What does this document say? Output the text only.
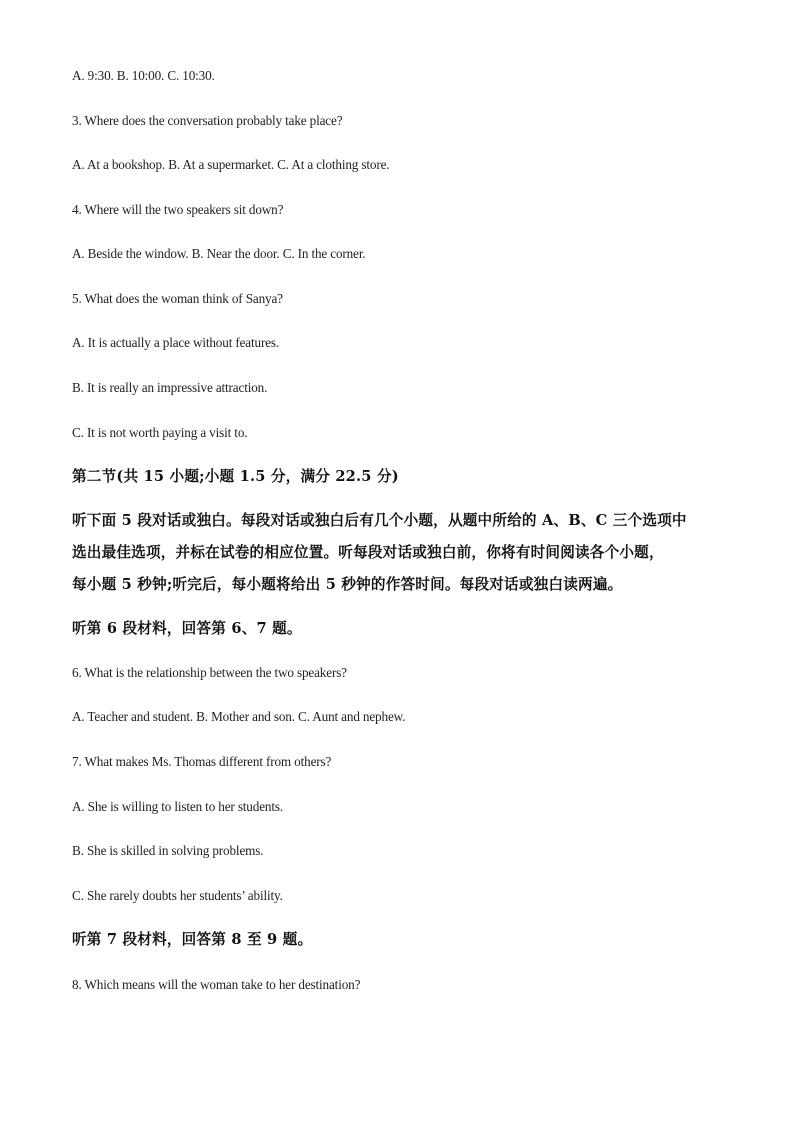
A. 9:30. B. 10:00. C. 10:30.
3. Where does the conversation probably take place?
A. At a bookshop. B. At a supermarket. C. At a clothing store.
4. Where will the two speakers sit down?
A. Beside the window. B. Near the door. C. In the corner.
5. What does the woman think of Sanya?
A. It is actually a place without features.
B. It is really an impressive attraction.
C. It is not worth paying a visit to.
第二节(共 15 小题;小题 1.5 分，满分 22.5 分)
听下面 5 段对话或独白。每段对话或独白后有几个小题，从题中所给的 A、B、C 三个选项中
选出最佳选项，并标在试卷的相应位置。听每段对话或独白前，你将有时间阅读各个小题，
每小题 5 秒钟;听完后，每小题将给出 5 秒钟的作答时间。每段对话或独白读两遍。
听第 6 段材料，回答第 6、7 题。
6. What is the relationship between the two speakers?
A. Teacher and student. B. Mother and son. C. Aunt and nephew.
7. What makes Ms. Thomas different from others?
A. She is willing to listen to her students.
B. She is skilled in solving problems.
C. She rarely doubts her students’ ability.
听第 7 段材料，回答第 8 至 9 题。
8. Which means will the woman take to her destination?
